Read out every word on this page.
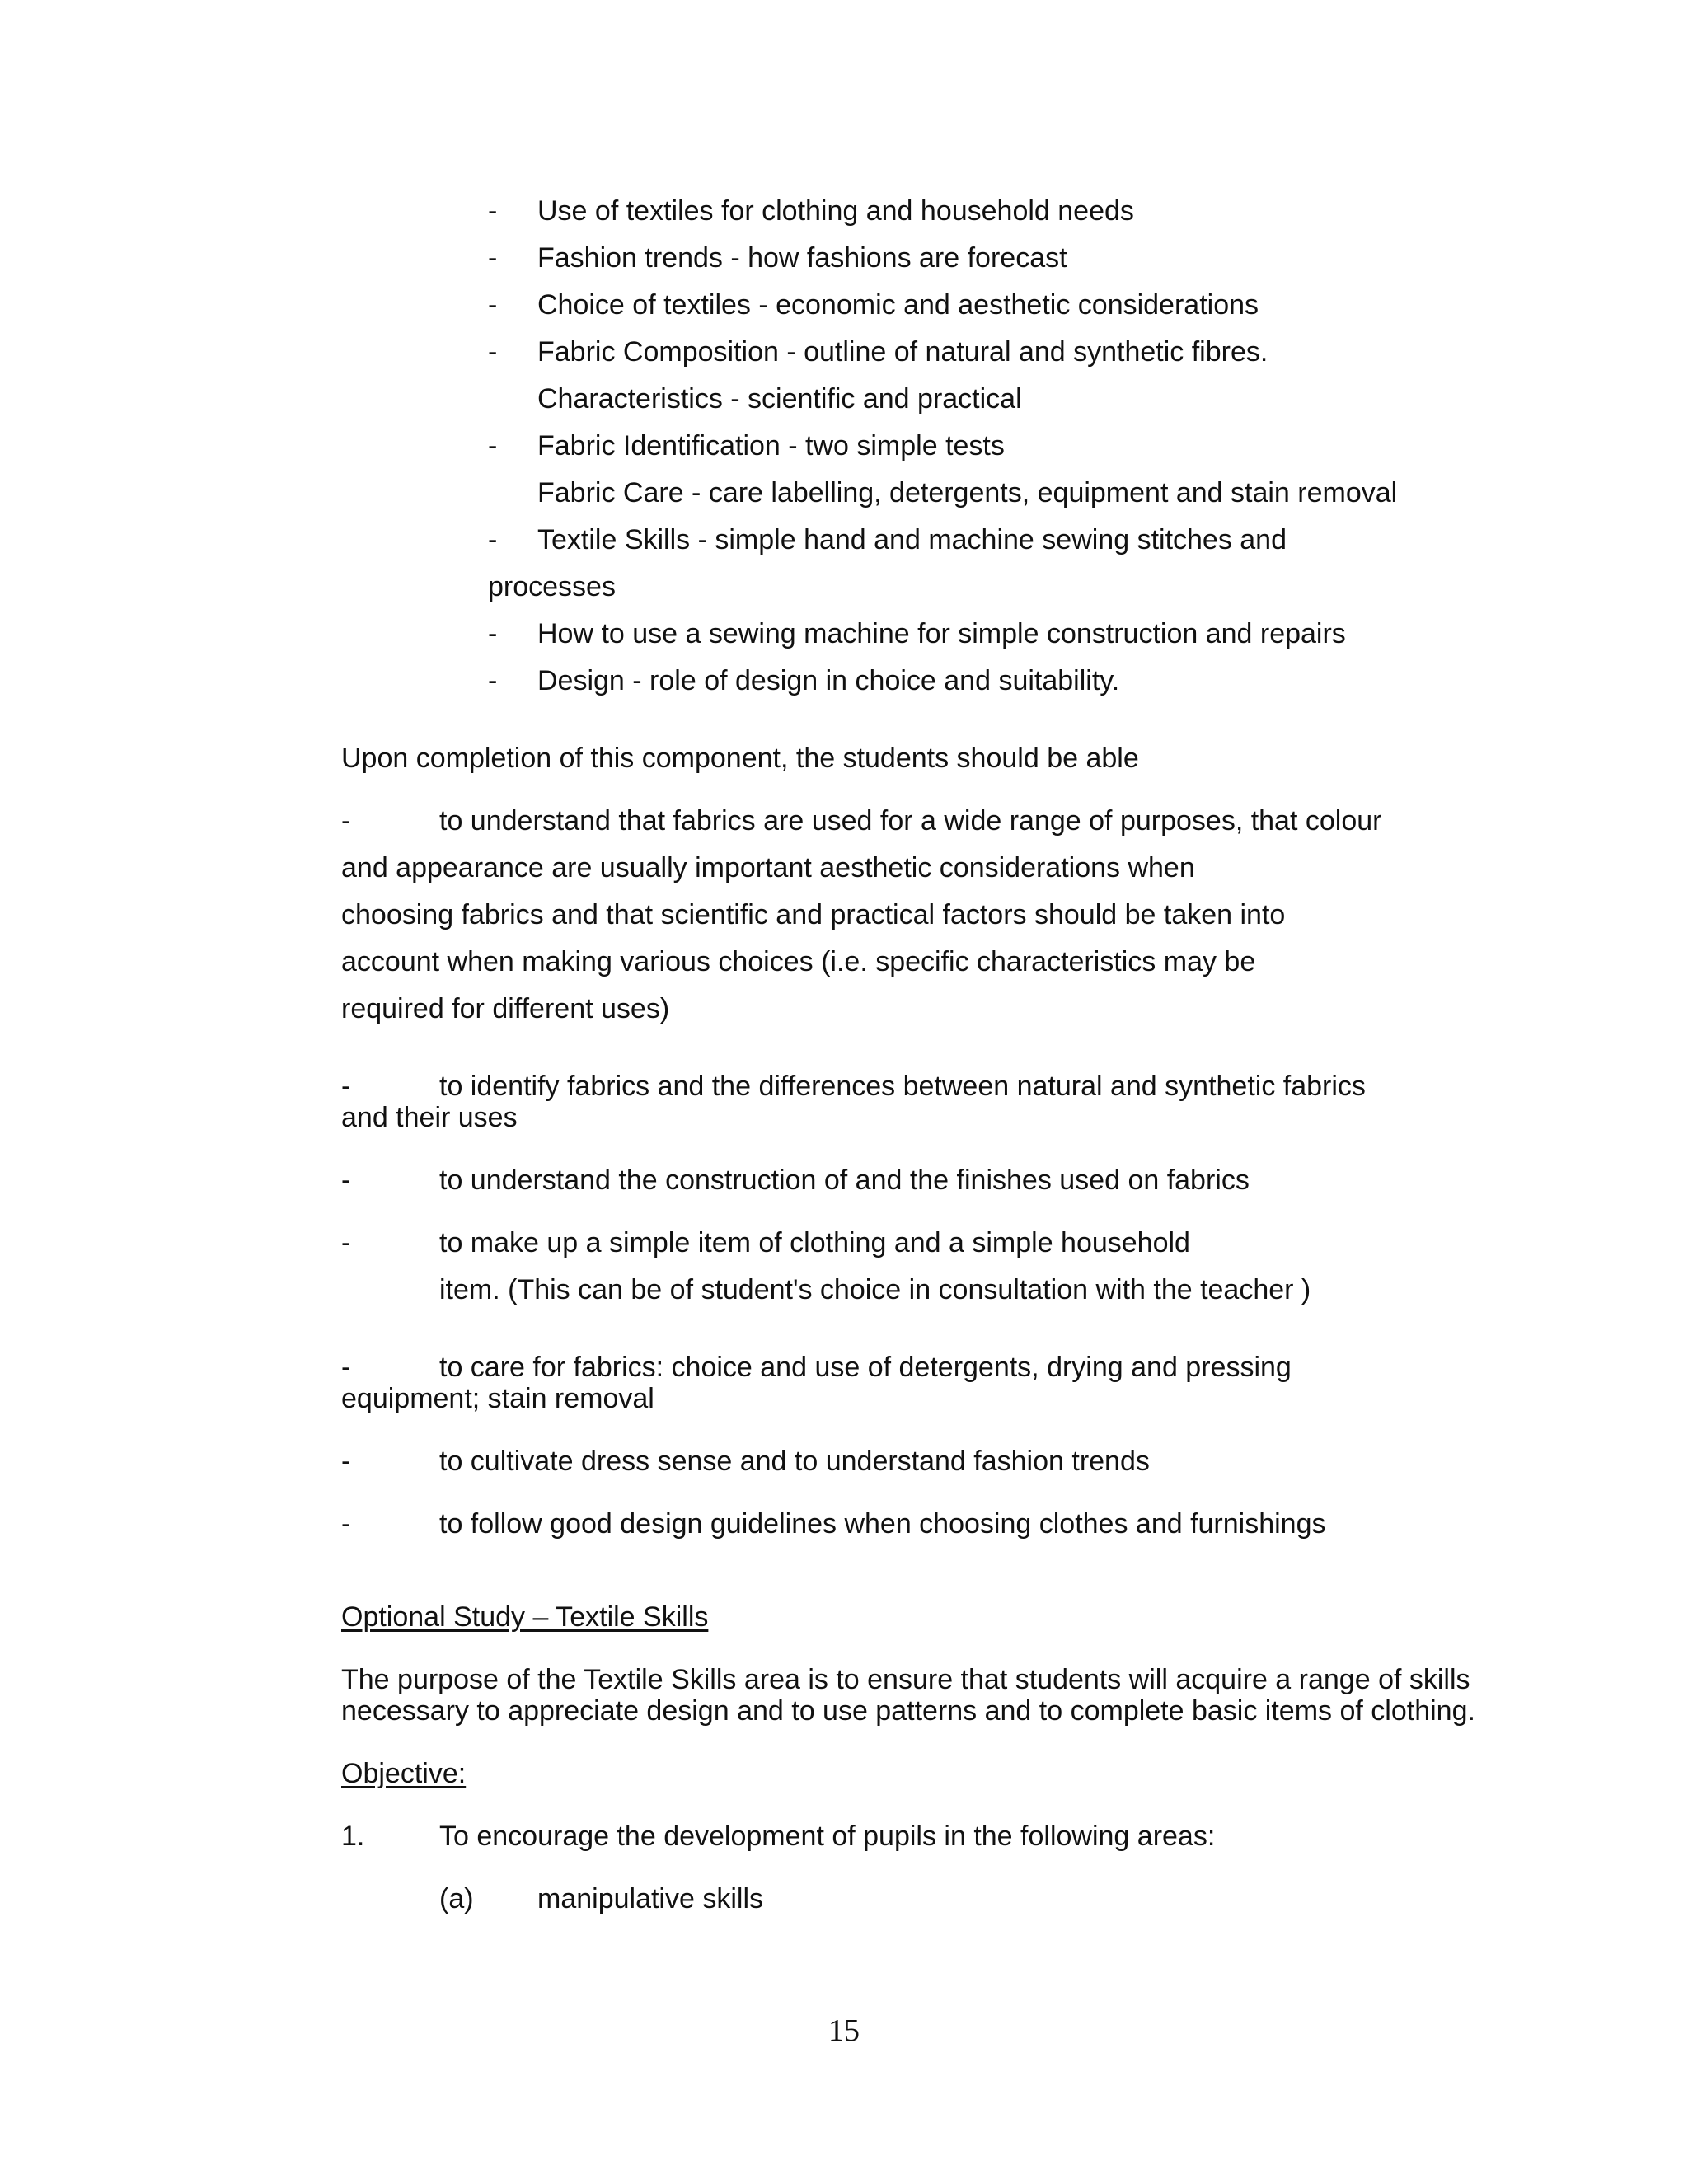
- Use of textiles for clothing and household needs
- Fashion trends - how fashions are forecast
- Choice of textiles - economic and aesthetic considerations
- Fabric Composition - outline of natural and synthetic fibres.
Characteristics - scientific and practical
- Fabric Identification - two simple tests
Fabric Care - care labelling, detergents, equipment and stain removal
- Textile Skills - simple hand and machine sewing stitches and
processes
- How to use a sewing machine for simple construction and repairs
- Design - role of design in choice and suitability.
Upon completion of this component, the students should be able
-	to understand that fabrics are used for a wide range of purposes, that colour
and appearance are usually important aesthetic considerations when
choosing fabrics and that scientific and practical factors should be taken into
account when making various choices (i.e. specific characteristics may be
required for different uses)
-	to identify fabrics and the differences between natural and synthetic fabrics
and their uses
-	to understand the construction of and the finishes used on fabrics
-	to make up a simple item of clothing and a simple household
item. (This can be of student's choice in consultation with the teacher )
-	to care for fabrics: choice and use of detergents, drying and pressing
equipment; stain removal
-	to cultivate dress sense and to understand fashion trends
-	to follow good design guidelines when choosing clothes and furnishings
Optional Study – Textile Skills
The purpose of the Textile Skills area is to ensure that students will acquire a range of skills
necessary to appreciate design and to use patterns and to complete basic items of clothing.
Objective:
1.	To encourage the development of pupils in the following areas:
(a) manipulative skills
15
